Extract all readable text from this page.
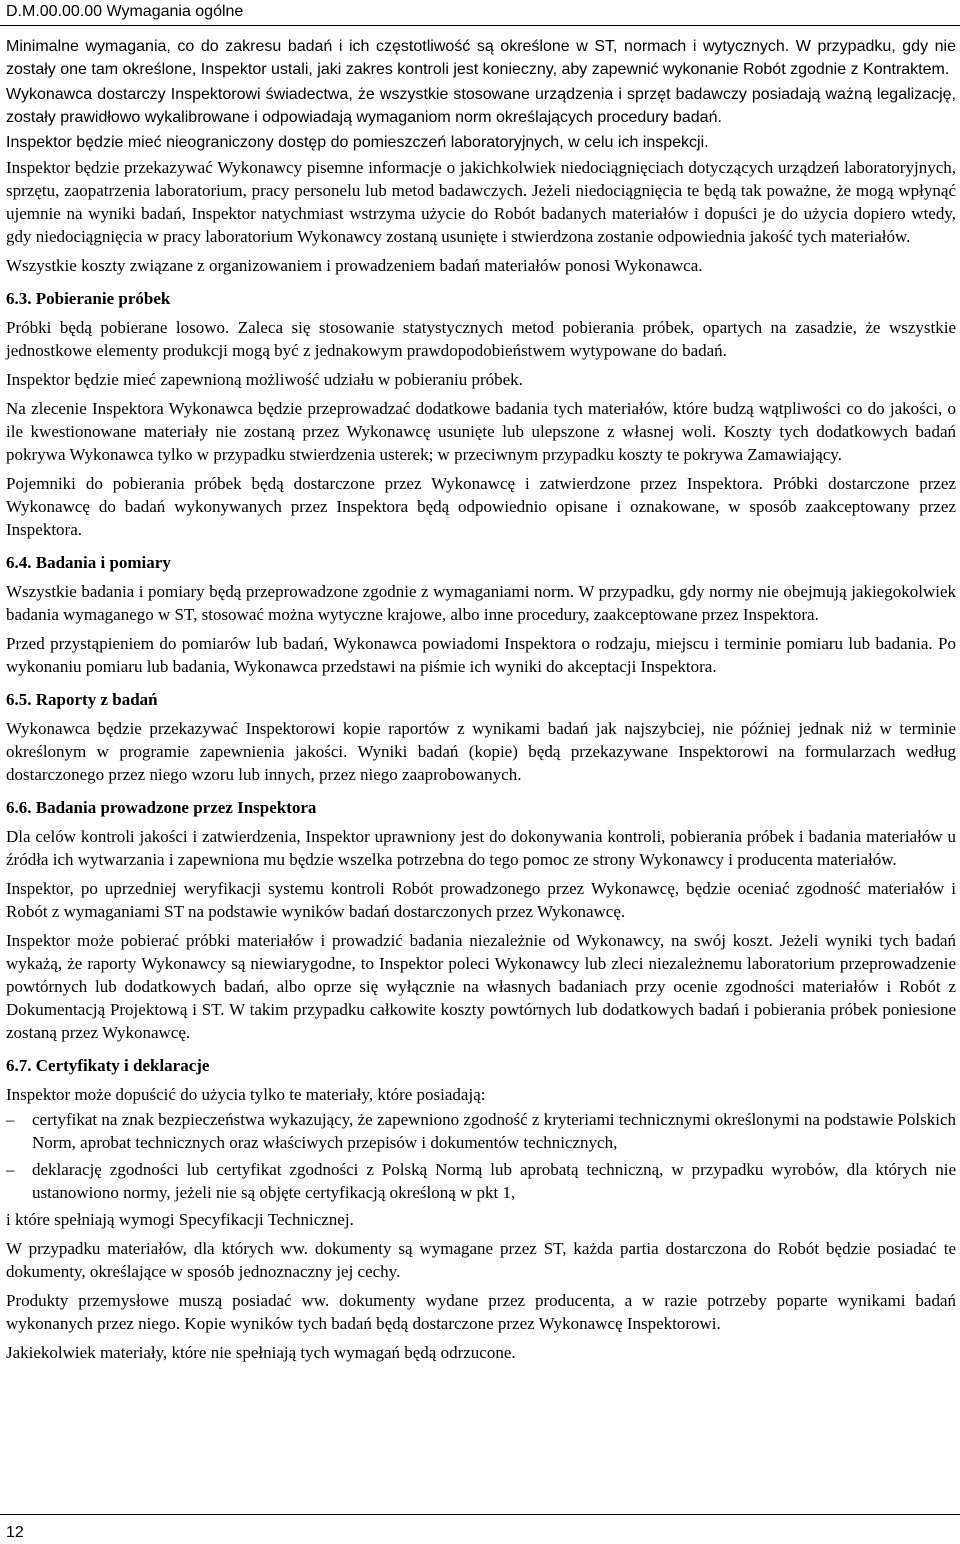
D.M.00.00.00 Wymagania ogólne

Minimalne wymagania, co do zakresu badań i ich częstotliwość są określone w ST, normach i wytycznych. W przypadku, gdy nie zostały one tam określone, Inspektor ustali, jaki zakres kontroli jest konieczny, aby zapewnić wykonanie Robót zgodnie z Kontraktem.

Wykonawca dostarczy Inspektorowi świadectwa, że wszystkie stosowane urządzenia i sprzęt badawczy posiadają ważną legalizację, zostały prawidłowo wykalibrowane i odpowiadają wymaganiom norm określających procedury badań.

Inspektor będzie mieć nieograniczony dostęp do pomieszczeń laboratoryjnych, w celu ich inspekcji.

Inspektor będzie przekazywać Wykonawcy pisemne informacje o jakichkolwiek niedociągnięciach dotyczących urządzeń laboratoryjnych, sprzętu, zaopatrzenia laboratorium, pracy personelu lub metod badawczych. Jeżeli niedociągnięcia te będą tak poważne, że mogą wpłynąć ujemnie na wyniki badań, Inspektor natychmiast wstrzyma użycie do Robót badanych materiałów i dopuści je do użycia dopiero wtedy, gdy niedociągnięcia w pracy laboratorium Wykonawcy zostaną usunięte i stwierdzona zostanie odpowiednia jakość tych materiałów.

Wszystkie koszty związane z organizowaniem i prowadzeniem badań materiałów ponosi Wykonawca.

6.3. Pobieranie próbek

Próbki będą pobierane losowo. Zaleca się stosowanie statystycznych metod pobierania próbek, opartych na zasadzie, że wszystkie jednostkowe elementy produkcji mogą być z jednakowym prawdopodobieństwem wytypowane do badań.

Inspektor będzie mieć zapewnioną możliwość udziału w pobieraniu próbek.

Na zlecenie Inspektora Wykonawca będzie przeprowadzać dodatkowe badania tych materiałów, które budzą wątpliwości co do jakości, o ile kwestionowane materiały nie zostaną przez Wykonawcę usunięte lub ulepszone z własnej woli. Koszty tych dodatkowych badań pokrywa Wykonawca tylko w przypadku stwierdzenia usterek; w przeciwnym przypadku koszty te pokrywa Zamawiający.

Pojemniki do pobierania próbek będą dostarczone przez Wykonawcę i zatwierdzone przez Inspektora. Próbki dostarczone przez Wykonawcę do badań wykonywanych przez Inspektora będą odpowiednio opisane i oznakowane, w sposób zaakceptowany przez Inspektora.

6.4. Badania i pomiary

Wszystkie badania i pomiary będą przeprowadzone zgodnie z wymaganiami norm. W przypadku, gdy normy nie obejmują jakiegokolwiek badania wymaganego w ST, stosować można wytyczne krajowe, albo inne procedury, zaakceptowane przez Inspektora.

Przed przystąpieniem do pomiarów lub badań, Wykonawca powiadomi Inspektora o rodzaju, miejscu i terminie pomiaru lub badania. Po wykonaniu pomiaru lub badania, Wykonawca przedstawi na piśmie ich wyniki do akceptacji Inspektora.

6.5. Raporty z badań

Wykonawca będzie przekazywać Inspektorowi kopie raportów z wynikami badań jak najszybciej, nie później jednak niż w terminie określonym w programie zapewnienia jakości. Wyniki badań (kopie) będą przekazywane Inspektorowi na formularzach według dostarczonego przez niego wzoru lub innych, przez niego zaaprobowanych.

6.6. Badania prowadzone przez Inspektora

Dla celów kontroli jakości i zatwierdzenia, Inspektor uprawniony jest do dokonywania kontroli, pobierania próbek i badania materiałów u źródła ich wytwarzania i zapewniona mu będzie wszelka potrzebna do tego pomoc ze strony Wykonawcy i producenta materiałów.

Inspektor, po uprzedniej weryfikacji systemu kontroli Robót prowadzonego przez Wykonawcę, będzie oceniać zgodność materiałów i Robót z wymaganiami ST na podstawie wyników badań dostarczonych przez Wykonawcę.

Inspektor może pobierać próbki materiałów i prowadzić badania niezależnie od Wykonawcy, na swój koszt. Jeżeli wyniki tych badań wykażą, że raporty Wykonawcy są niewiarygodne, to Inspektor poleci Wykonawcy lub zleci niezależnemu laboratorium przeprowadzenie powtórnych lub dodatkowych badań, albo oprze się wyłącznie na własnych badaniach przy ocenie zgodności materiałów i Robót z Dokumentacją Projektową i ST. W takim przypadku całkowite koszty powtórnych lub dodatkowych badań i pobierania próbek poniesione zostaną przez Wykonawcę.

6.7. Certyfikaty i deklaracje

Inspektor może dopuścić do użycia tylko te materiały, które posiadają:

– certyfikat na znak bezpieczeństwa wykazujący, że zapewniono zgodność z kryteriami technicznymi określonymi na podstawie Polskich Norm, aprobat technicznych oraz właściwych przepisów i dokumentów technicznych,
– deklarację zgodności lub certyfikat zgodności z Polską Normą lub aprobatą techniczną, w przypadku wyrobów, dla których nie ustanowiono normy, jeżeli nie są objęte certyfikacją określoną w pkt 1,

i które spełniają wymogi Specyfikacji Technicznej.

W przypadku materiałów, dla których ww. dokumenty są wymagane przez ST, każda partia dostarczona do Robót będzie posiadać te dokumenty, określające w sposób jednoznaczny jej cechy.

Produkty przemysłowe muszą posiadać ww. dokumenty wydane przez producenta, a w razie potrzeby poparte wynikami badań wykonanych przez niego. Kopie wyników tych badań będą dostarczone przez Wykonawcę Inspektorowi.

Jakiekolwiek materiały, które nie spełniają tych wymagań będą odrzucone.

12
